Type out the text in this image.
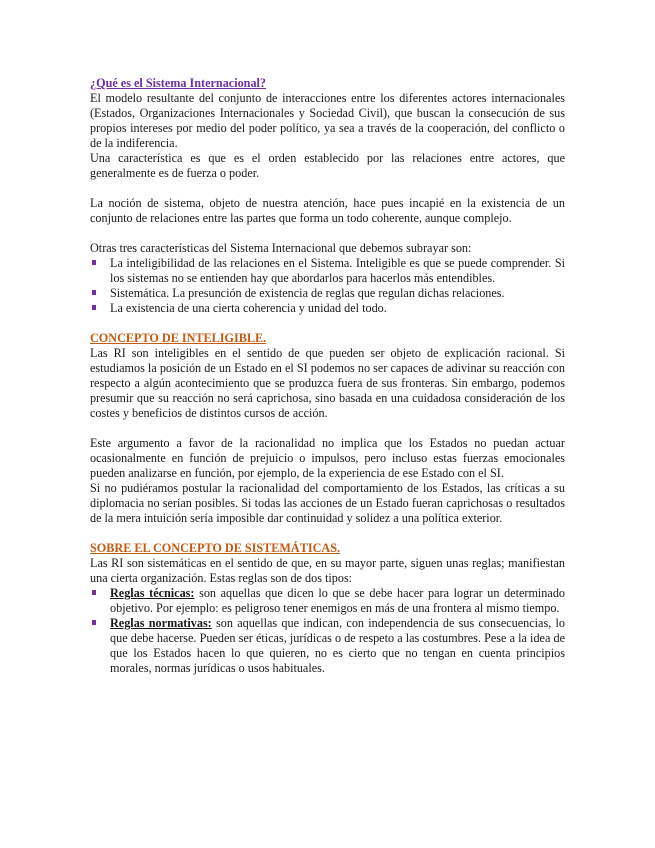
¿Qué es el Sistema Internacional?

El modelo resultante del conjunto de interacciones entre los diferentes actores internacionales (Estados, Organizaciones Internacionales y Sociedad Civil), que buscan la consecución de sus propios intereses por medio del poder político, ya sea a través de la cooperación, del conflicto o de la indiferencia.

Una característica es que es el orden establecido por las relaciones entre actores, que generalmente es de fuerza o poder.

La noción de sistema, objeto de nuestra atención, hace pues incapié en la existencia de un conjunto de relaciones entre las partes que forma un todo coherente, aunque complejo.

Otras tres características del Sistema Internacional que debemos subrayar son:

La inteligibilidad de las relaciones en el Sistema. Inteligible es que se puede comprender. Si los sistemas no se entienden hay que abordarlos para hacerlos más entendibles.
Sistemática. La presunción de existencia de reglas que regulan dichas relaciones.
La existencia de una cierta coherencia y unidad del todo.
CONCEPTO DE INTELIGIBLE.

Las RI son inteligibles en el sentido de que pueden ser objeto de explicación racional. Si estudiamos la posición de un Estado en el SI podemos no ser capaces de adivinar su reacción con respecto a algún acontecimiento que se produzca fuera de sus fronteras. Sin embargo, podemos presumir que su reacción no será caprichosa, sino basada en una cuidadosa consideración de los costes y beneficios de distintos cursos de acción.

Este argumento a favor de la racionalidad no implica que los Estados no puedan actuar ocasionalmente en función de prejuicio o impulsos, pero incluso estas fuerzas emocionales pueden analizarse en función, por ejemplo, de la experiencia de ese Estado con el SI.

Si no pudiéramos postular la racionalidad del comportamiento de los Estados, las críticas a su diplomacia no serían posibles. Si todas las acciones de un Estado fueran caprichosas o resultados de la mera intuición sería imposible dar continuidad y solidez a una política exterior.

SOBRE EL CONCEPTO DE SISTEMÁTICAS.

Las RI son sistemáticas en el sentido de que, en su mayor parte, siguen unas reglas; manifiestan una cierta organización. Estas reglas son de dos tipos:

Reglas técnicas: son aquellas que dicen lo que se debe hacer para lograr un determinado objetivo. Por ejemplo: es peligroso tener enemigos en más de una frontera al mismo tiempo.
Reglas normativas: son aquellas que indican, con independencia de sus consecuencias, lo que debe hacerse. Pueden ser éticas, jurídicas o de respeto a las costumbres. Pese a la idea de que los Estados hacen lo que quieren, no es cierto que no tengan en cuenta principios morales, normas jurídicas o usos habituales.
